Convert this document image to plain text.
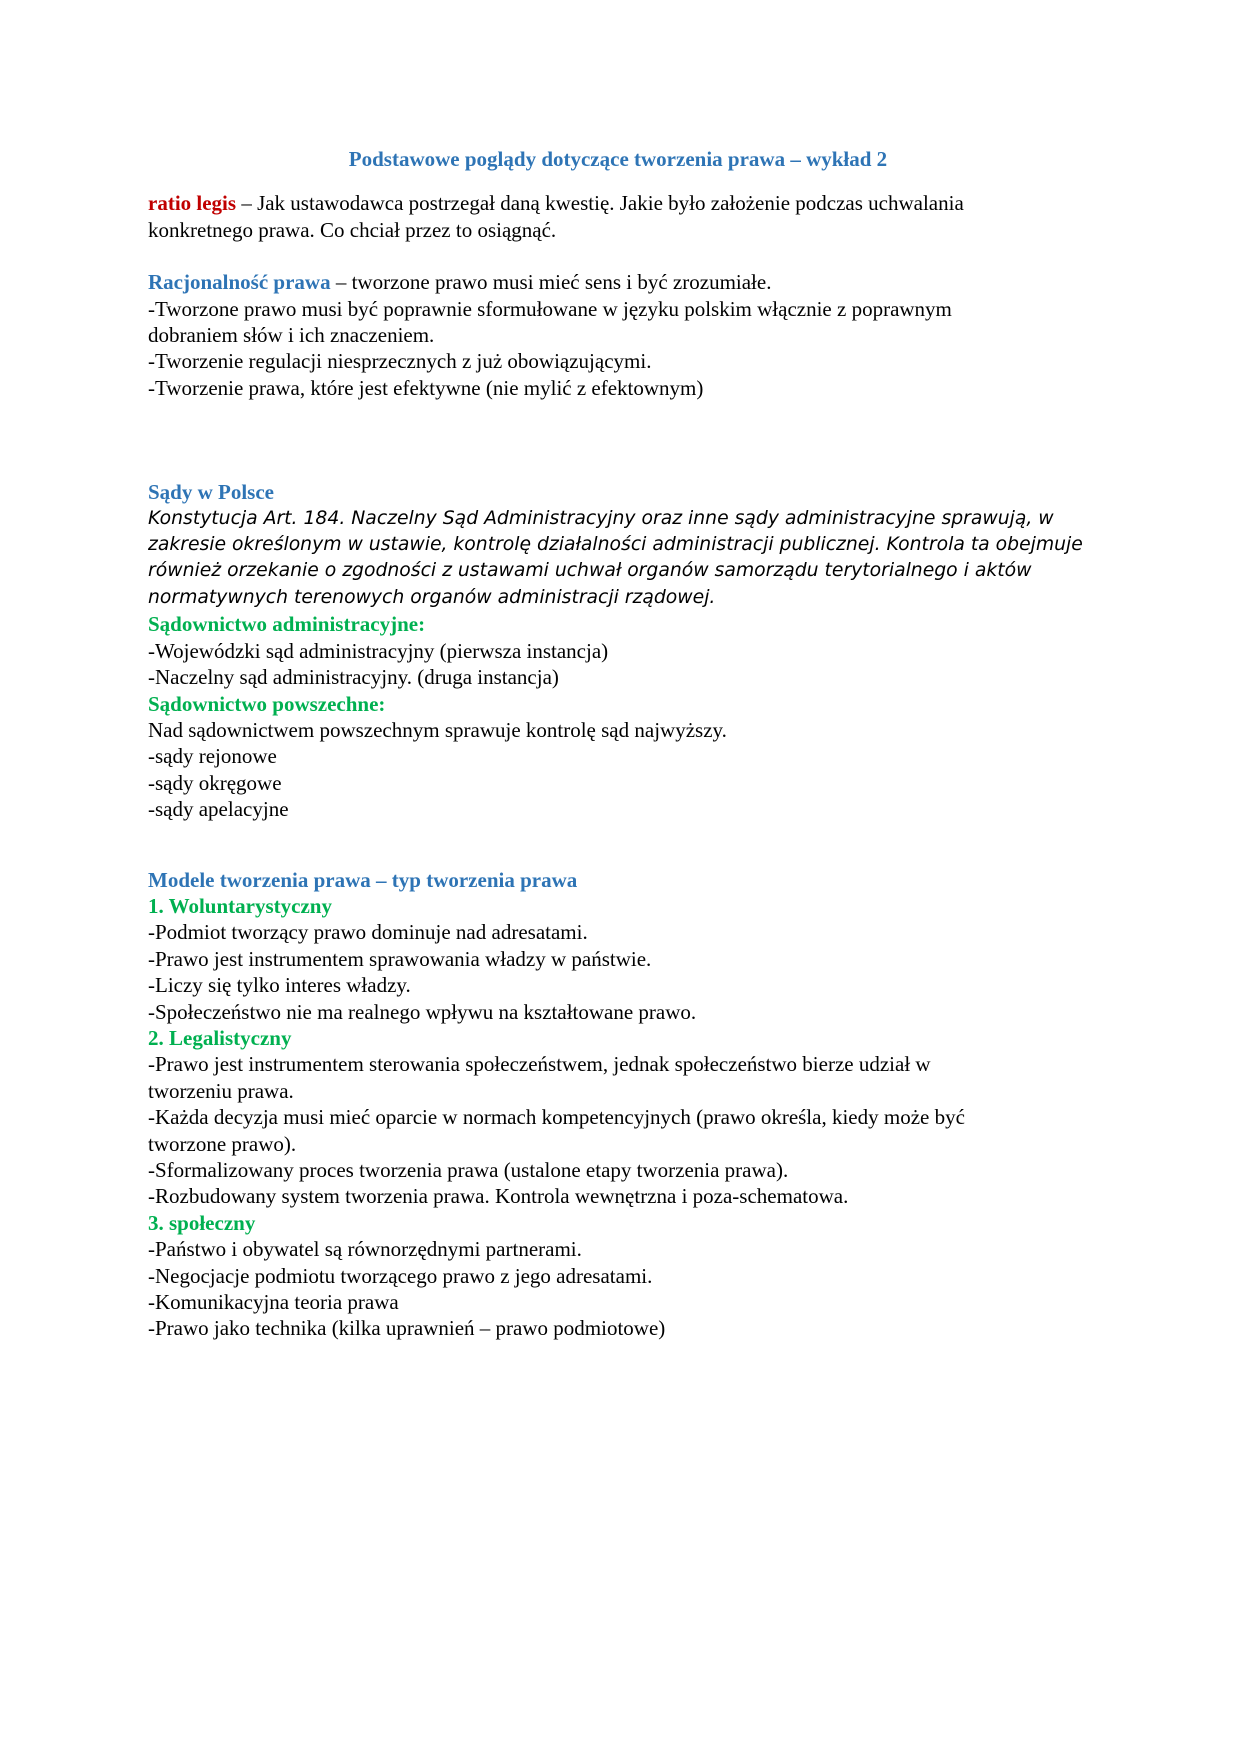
Podstawowe poglądy dotyczące tworzenia prawa – wykład 2

ratio legis – Jak ustawodawca postrzegał daną kwestię. Jakie było założenie podczas uchwalania

konkretnego prawa. Co chciał przez to osiągnąć.

Racjonalność prawa – tworzone prawo musi mieć sens i być zrozumiałe.

-Tworzone prawo musi być poprawnie sformułowane w języku polskim włącznie z poprawnym

dobraniem słów i ich znaczeniem.

-Tworzenie regulacji niesprzecznych z już obowiązującymi.

-Tworzenie prawa, które jest efektywne (nie mylić z efektownym)

Sądy w Polsce

Konstytucja Art. 184. Naczelny Sąd Administracyjny oraz inne sądy administracyjne sprawują, w

zakresie określonym w ustawie, kontrolę działalności administracji publicznej. Kontrola ta obejmuje

również orzekanie o zgodności z ustawami uchwał organów samorządu terytorialnego i aktów

normatywnych terenowych organów administracji rządowej.

Sądownictwo administracyjne:

-Wojewódzki sąd administracyjny (pierwsza instancja)

-Naczelny sąd administracyjny. (druga instancja)

Sądownictwo powszechne:

Nad sądownictwem powszechnym sprawuje kontrolę sąd najwyższy.

-sądy rejonowe

-sądy okręgowe

-sądy apelacyjne

Modele tworzenia prawa – typ tworzenia prawa

1. Woluntarystyczny

-Podmiot tworzący prawo dominuje nad adresatami.

-Prawo jest instrumentem sprawowania władzy w państwie.

-Liczy się tylko interes władzy.

-Społeczeństwo nie ma realnego wpływu na kształtowane prawo.

2. Legalistyczny

-Prawo jest instrumentem sterowania społeczeństwem, jednak społeczeństwo bierze udział w

tworzeniu prawa.

-Każda decyzja musi mieć oparcie w normach kompetencyjnych (prawo określa, kiedy może być

tworzone prawo).

-Sformalizowany proces tworzenia prawa (ustalone etapy tworzenia prawa).

-Rozbudowany system tworzenia prawa. Kontrola wewnętrzna i poza-schematowa.

3. społeczny

-Państwo i obywatel są równorzędnymi partnerami.

-Negocjacje podmiotu tworzącego prawo z jego adresatami.

-Komunikacyjna teoria prawa

-Prawo jako technika (kilka uprawnień – prawo podmiotowe)
